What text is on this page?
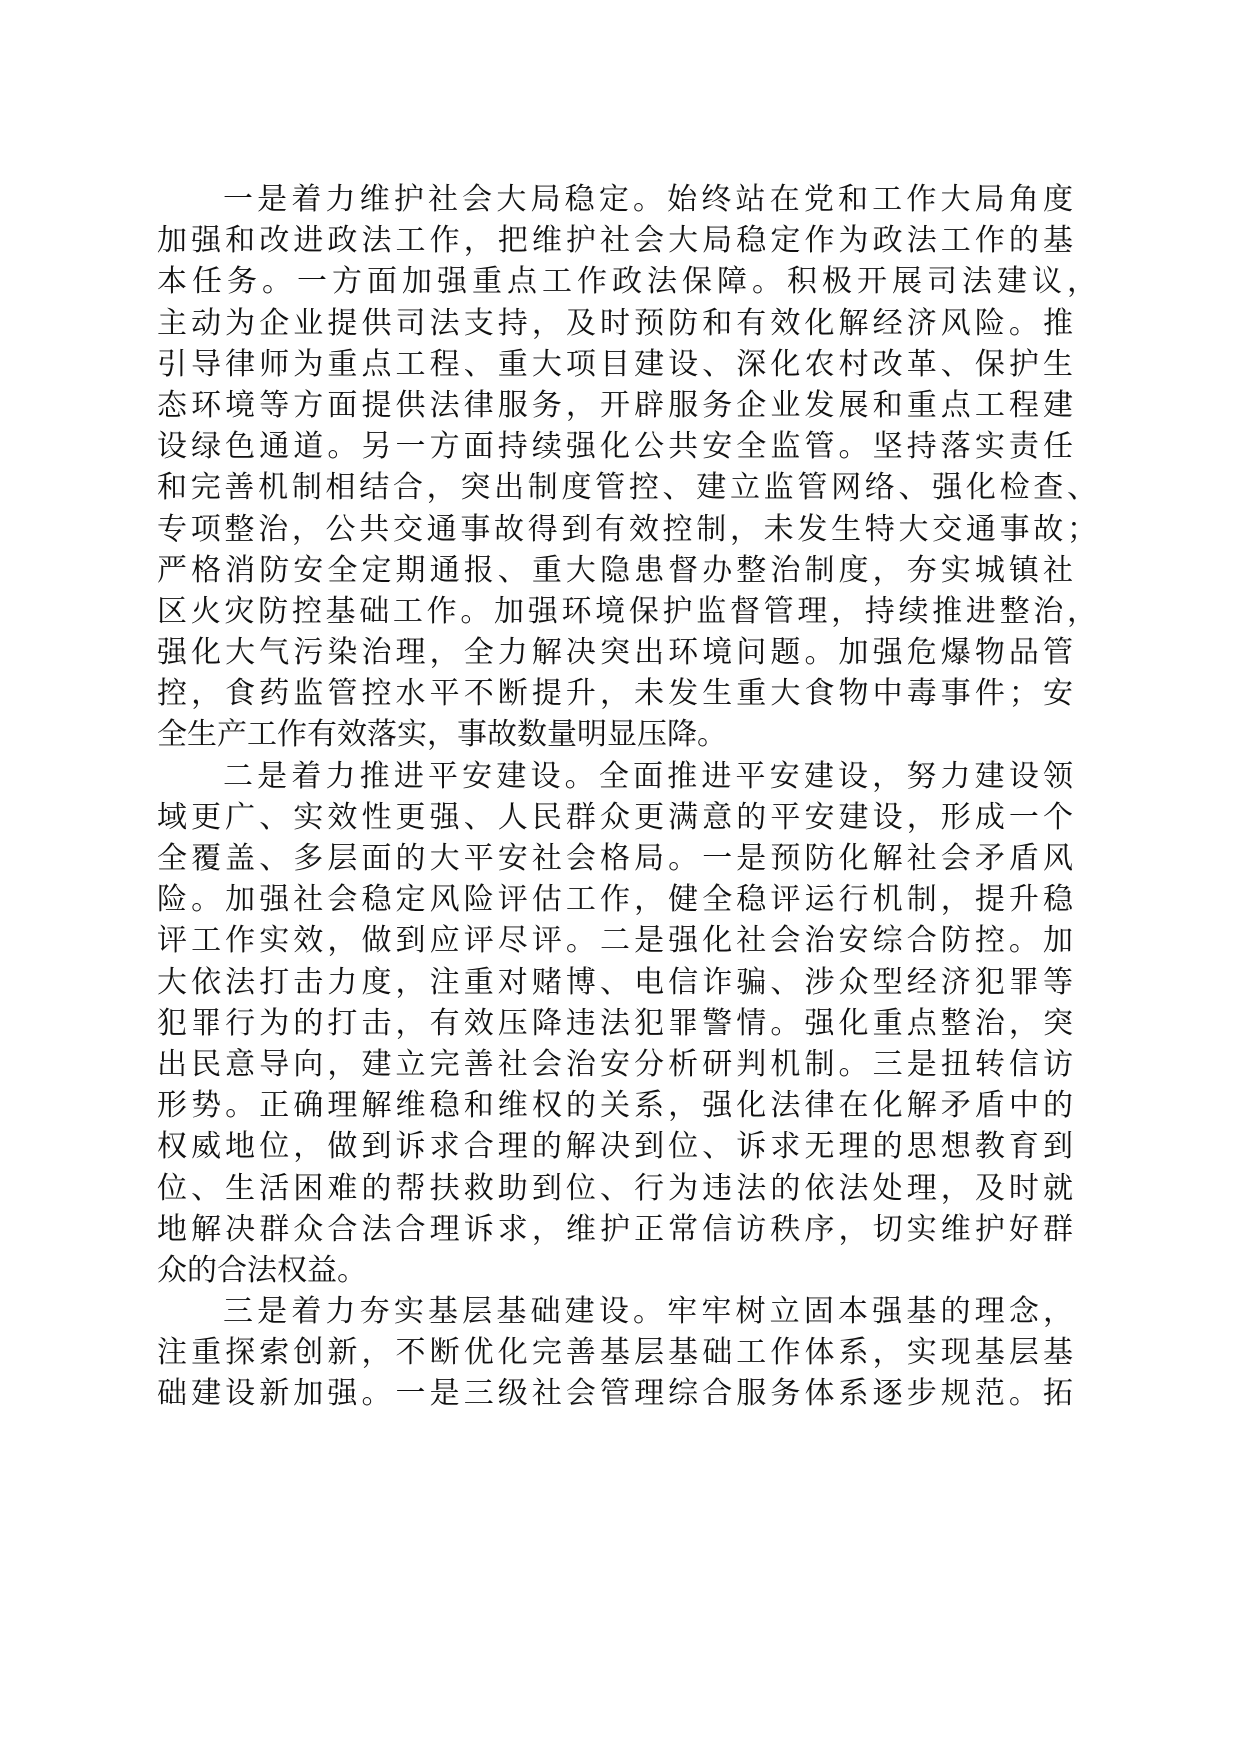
一是着力维护社会大局稳定。始终站在党和工作大局角度
加强和改进政法工作，把维护社会大局稳定作为政法工作的基
本任务。一方面加强重点工作政法保障。积极开展司法建议，
主动为企业提供司法支持，及时预防和有效化解经济风险。推
引导律师为重点工程、重大项目建设、深化农村改革、保护生
态环境等方面提供法律服务，开辟服务企业发展和重点工程建
设绿色通道。另一方面持续强化公共安全监管。坚持落实责任
和完善机制相结合，突出制度管控、建立监管网络、强化检查、
专项整治，公共交通事故得到有效控制，未发生特大交通事故；
严格消防安全定期通报、重大隐患督办整治制度，夯实城镇社
区火灾防控基础工作。加强环境保护监督管理，持续推进整治，
强化大气污染治理，全力解决突出环境问题。加强危爆物品管
控，食药监管控水平不断提升，未发生重大食物中毒事件；安
全生产工作有效落实，事故数量明显压降。
二是着力推进平安建设。全面推进平安建设，努力建设领
域更广、实效性更强、人民群众更满意的平安建设，形成一个
全覆盖、多层面的大平安社会格局。一是预防化解社会矛盾风
险。加强社会稳定风险评估工作，健全稳评运行机制，提升稳
评工作实效，做到应评尽评。二是强化社会治安综合防控。加
大依法打击力度，注重对赌博、电信诈骗、涉众型经济犯罪等
犯罪行为的打击，有效压降违法犯罪警情。强化重点整治，突
出民意导向，建立完善社会治安分析研判机制。三是扭转信访
形势。正确理解维稳和维权的关系，强化法律在化解矛盾中的
权威地位，做到诉求合理的解决到位、诉求无理的思想教育到
位、生活困难的帮扶救助到位、行为违法的依法处理，及时就
地解决群众合法合理诉求，维护正常信访秩序，切实维护好群
众的合法权益。
三是着力夯实基层基础建设。牢牢树立固本强基的理念，
注重探索创新，不断优化完善基层基础工作体系，实现基层基
础建设新加强。一是三级社会管理综合服务体系逐步规范。拓
